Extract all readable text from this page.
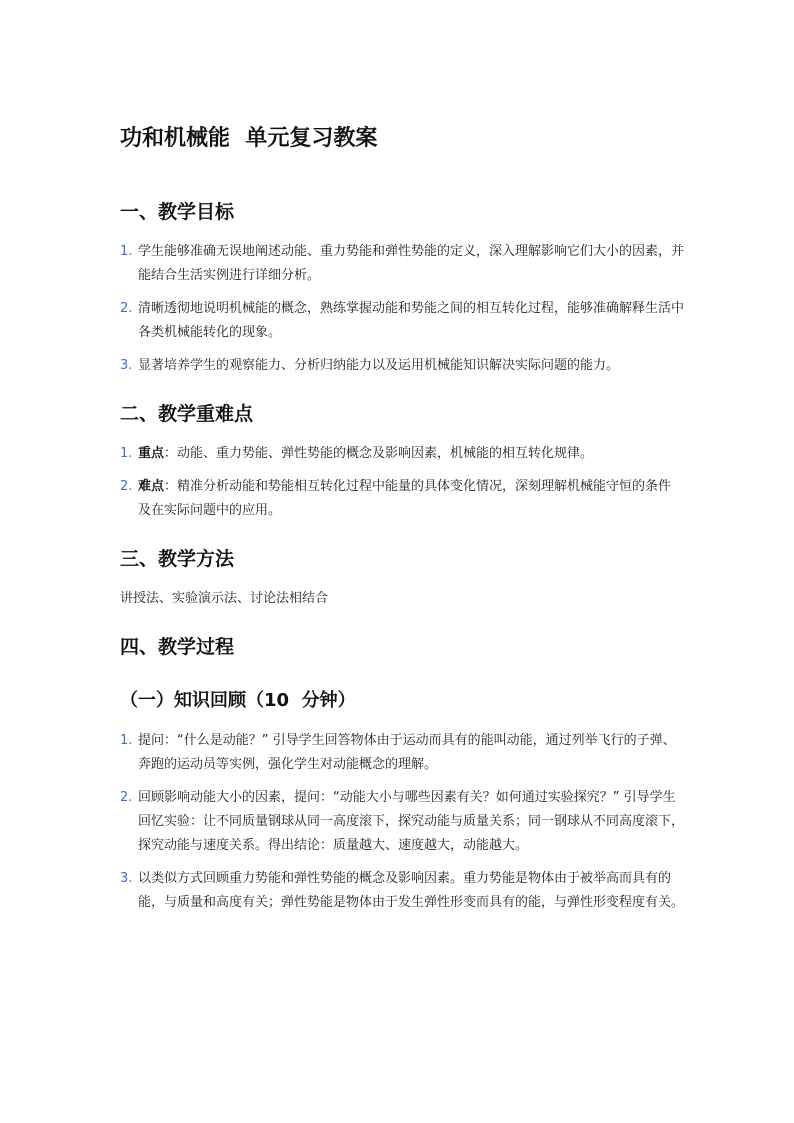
功和机械能  单元复习教案
一、教学目标
1. 学生能够准确无误地阐述动能、重力势能和弹性势能的定义，深入理解影响它们大小的因素，并能结合生活实例进行详细分析。
2. 清晰透彻地说明机械能的概念，熟练掌握动能和势能之间的相互转化过程，能够准确解释生活中各类机械能转化的现象。
3. 显著培养学生的观察能力、分析归纳能力以及运用机械能知识解决实际问题的能力。
二、教学重难点
1. 重点：动能、重力势能、弹性势能的概念及影响因素，机械能的相互转化规律。
2. 难点：精准分析动能和势能相互转化过程中能量的具体变化情况，深刻理解机械能守恒的条件及在实际问题中的应用。
三、教学方法

讲授法、实验演示法、讨论法相结合

四、教学过程
（一）知识回顾（10  分钟）
1. 提问：“什么是动能？” 引导学生回答物体由于运动而具有的能叫动能，通过列举飞行的子弹、奔跑的运动员等实例，强化学生对动能概念的理解。
2. 回顾影响动能大小的因素，提问：“动能大小与哪些因素有关？如何通过实验探究？” 引导学生回忆实验：让不同质量钢球从同一高度滚下，探究动能与质量关系；同一钢球从不同高度滚下，探究动能与速度关系。得出结论：质量越大、速度越大，动能越大。
3. 以类似方式回顾重力势能和弹性势能的概念及影响因素。重力势能是物体由于被举高而具有的能，与质量和高度有关；弹性势能是物体由于发生弹性形变而具有的能，与弹性形变程度有关。
